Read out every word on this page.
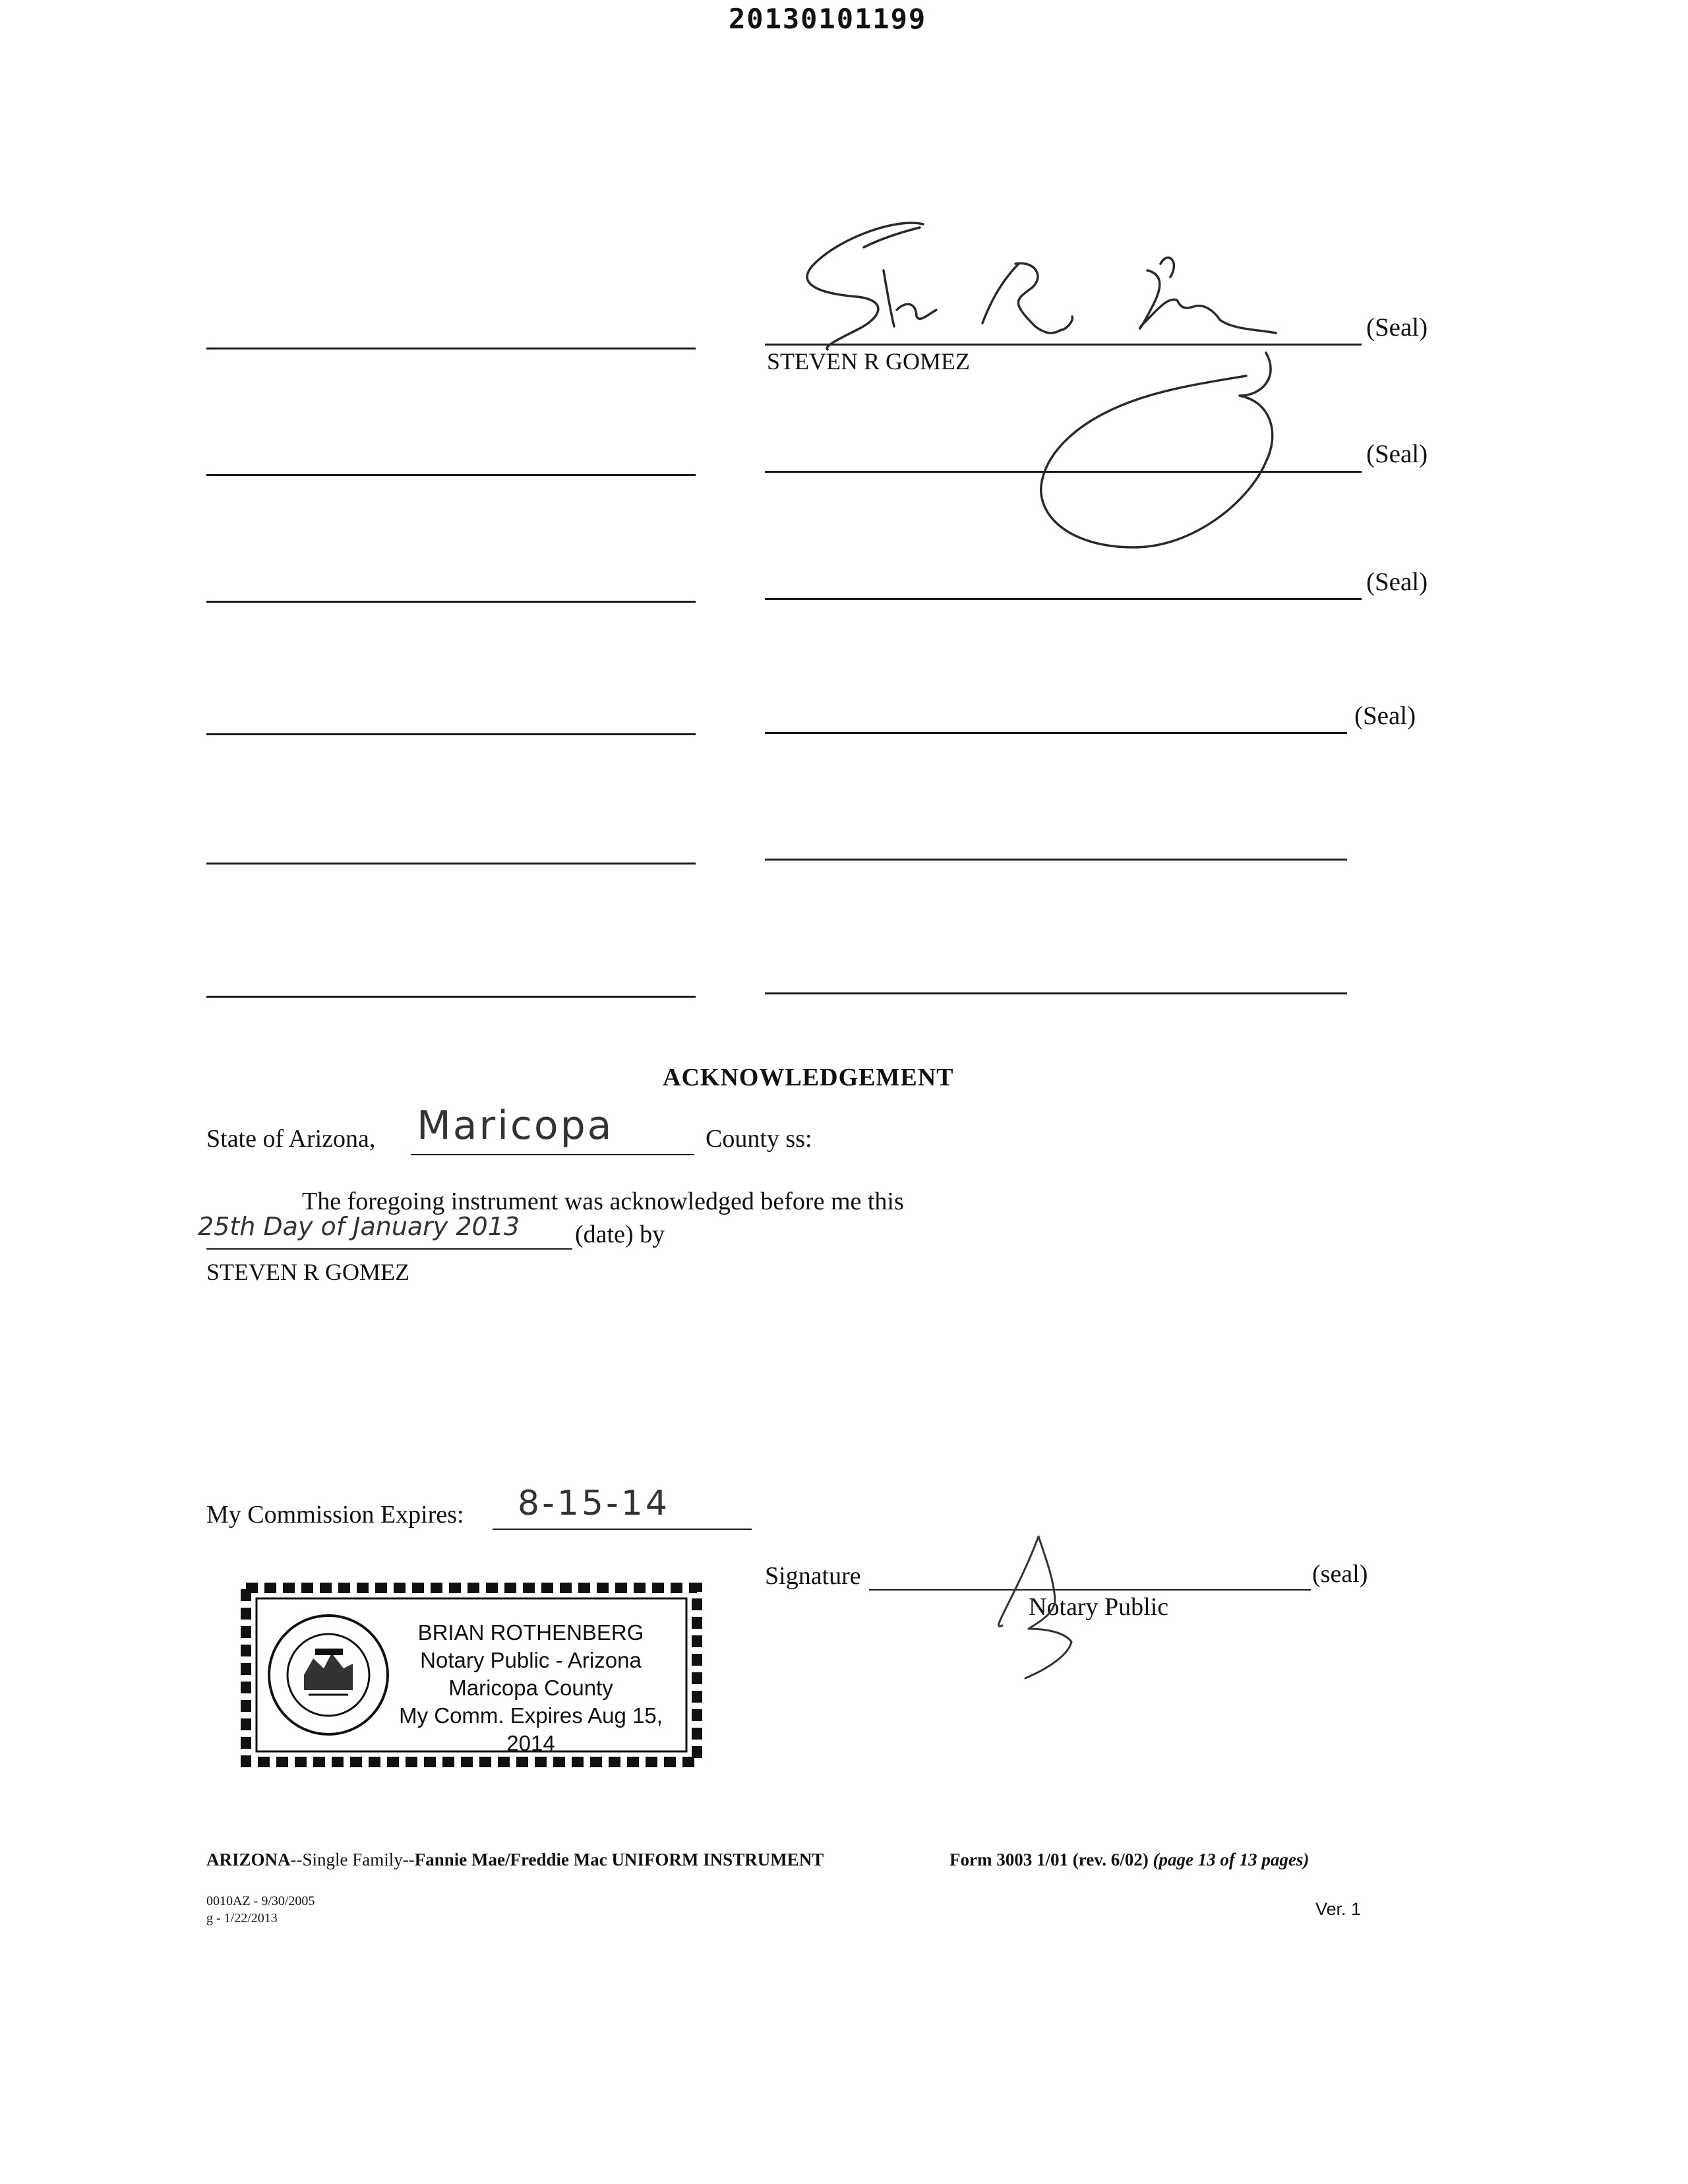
20130101199
(Seal)
(Seal)
(Seal)
(Seal)
STEVEN R GOMEZ
ACKNOWLEDGEMENT
State of Arizona, Maricopa	County ss:
The foregoing instrument was acknowledged before me this
25th Day of January 2013 (date) by
STEVEN R GOMEZ
My Commission Expires: 8-15-14
Signature	(seal)
Notary Public
BRIAN ROTHENBERG
Notary Public - Arizona
Maricopa County
My Comm. Expires Aug 15, 2014
ARIZONA--Single Family--Fannie Mae/Freddie Mac UNIFORM INSTRUMENT	Form 3003 1/01 (rev. 6/02) (page 13 of 13 pages)
0010AZ - 9/30/2005
g - 1/22/2013	Ver. 1
